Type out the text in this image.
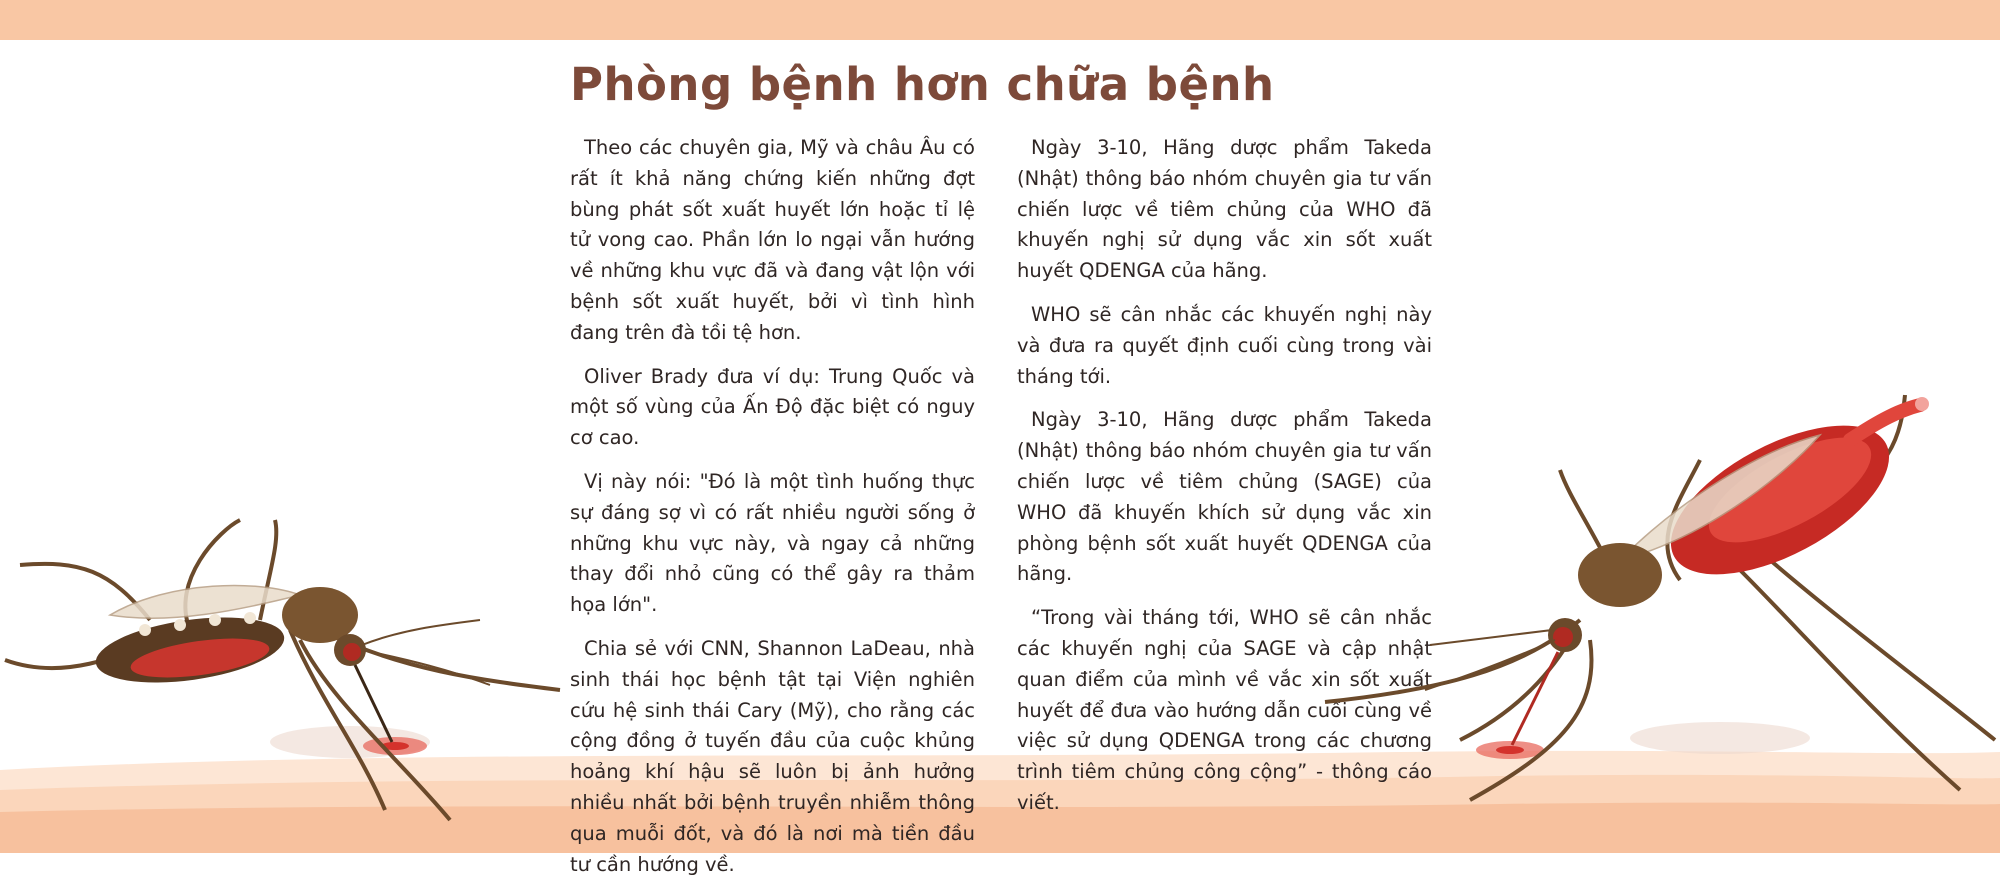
Phòng bệnh hơn chữa bệnh

Theo các chuyên gia, Mỹ và châu Âu có rất ít khả năng chứng kiến những đợt bùng phát sốt xuất huyết lớn hoặc tỉ lệ tử vong cao. Phần lớn lo ngại vẫn hướng về những khu vực đã và đang vật lộn với bệnh sốt xuất huyết, bởi vì tình hình đang trên đà tồi tệ hơn.

Oliver Brady đưa ví dụ: Trung Quốc và một số vùng của Ấn Độ đặc biệt có nguy cơ cao.

Vị này nói: "Đó là một tình huống thực sự đáng sợ vì có rất nhiều người sống ở những khu vực này, và ngay cả những thay đổi nhỏ cũng có thể gây ra thảm họa lớn".

Chia sẻ với CNN, Shannon LaDeau, nhà sinh thái học bệnh tật tại Viện nghiên cứu hệ sinh thái Cary (Mỹ), cho rằng các cộng đồng ở tuyến đầu của cuộc khủng hoảng khí hậu sẽ luôn bị ảnh hưởng nhiều nhất bởi bệnh truyền nhiễm thông qua muỗi đốt, và đó là nơi mà tiền đầu tư cần hướng về.

Ngày 3-10, Hãng dược phẩm Takeda (Nhật) thông báo nhóm chuyên gia tư vấn chiến lược về tiêm chủng của WHO đã khuyến nghị sử dụng vắc xin sốt xuất huyết QDENGA của hãng.

WHO sẽ cân nhắc các khuyến nghị này và đưa ra quyết định cuối cùng trong vài tháng tới.

Ngày 3-10, Hãng dược phẩm Takeda (Nhật) thông báo nhóm chuyên gia tư vấn chiến lược về tiêm chủng (SAGE) của WHO đã khuyến khích sử dụng vắc xin phòng bệnh sốt xuất huyết QDENGA của hãng.

“Trong vài tháng tới, WHO sẽ cân nhắc các khuyến nghị của SAGE và cập nhật quan điểm của mình về vắc xin sốt xuất huyết để đưa vào hướng dẫn cuối cùng về việc sử dụng QDENGA trong các chương trình tiêm chủng công cộng” - thông cáo viết.
